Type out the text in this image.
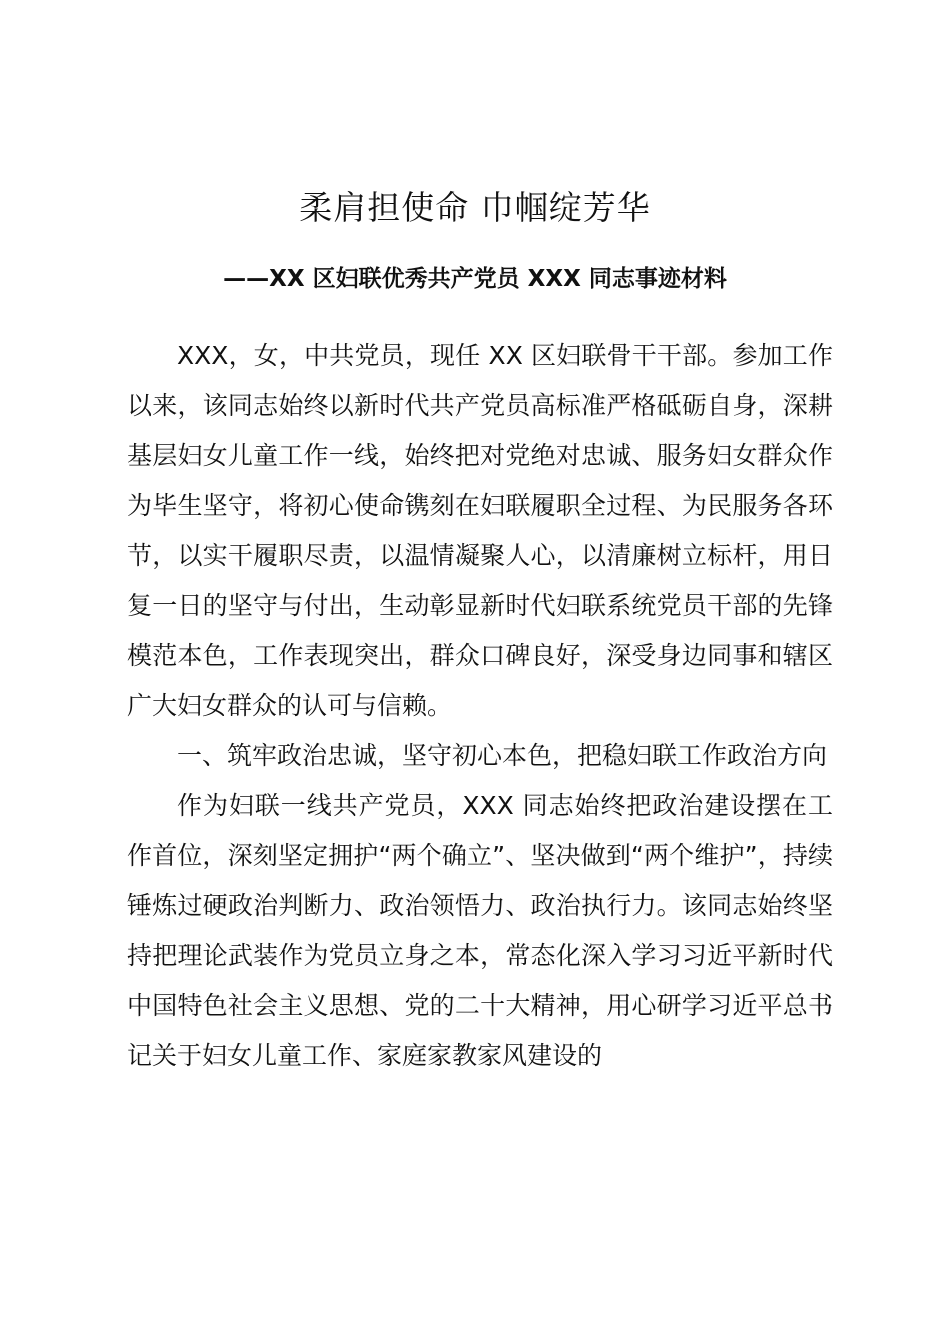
柔肩担使命 巾帼绽芳华
——XX 区妇联优秀共产党员 XXX 同志事迹材料

XXX，女，中共党员，现任 XX 区妇联骨干干部。参加工作以来，该同志始终以新时代共产党员高标准严格砥砺自身，深耕基层妇女儿童工作一线，始终把对党绝对忠诚、服务妇女群众作为毕生坚守，将初心使命镌刻在妇联履职全过程、为民服务各环节，以实干履职尽责，以温情凝聚人心，以清廉树立标杆，用日复一日的坚守与付出，生动彰显新时代妇联系统党员干部的先锋模范本色，工作表现突出，群众口碑良好，深受身边同事和辖区广大妇女群众的认可与信赖。

一、筑牢政治忠诚，坚守初心本色，把稳妇联工作政治方向

作为妇联一线共产党员，XXX 同志始终把政治建设摆在工作首位，深刻坚定拥护“两个确立”、坚决做到“两个维护”，持续锤炼过硬政治判断力、政治领悟力、政治执行力。该同志始终坚持把理论武装作为党员立身之本，常态化深入学习习近平新时代中国特色社会主义思想、党的二十大精神，用心研学习近平总书记关于妇女儿童工作、家庭家教家风建设的
